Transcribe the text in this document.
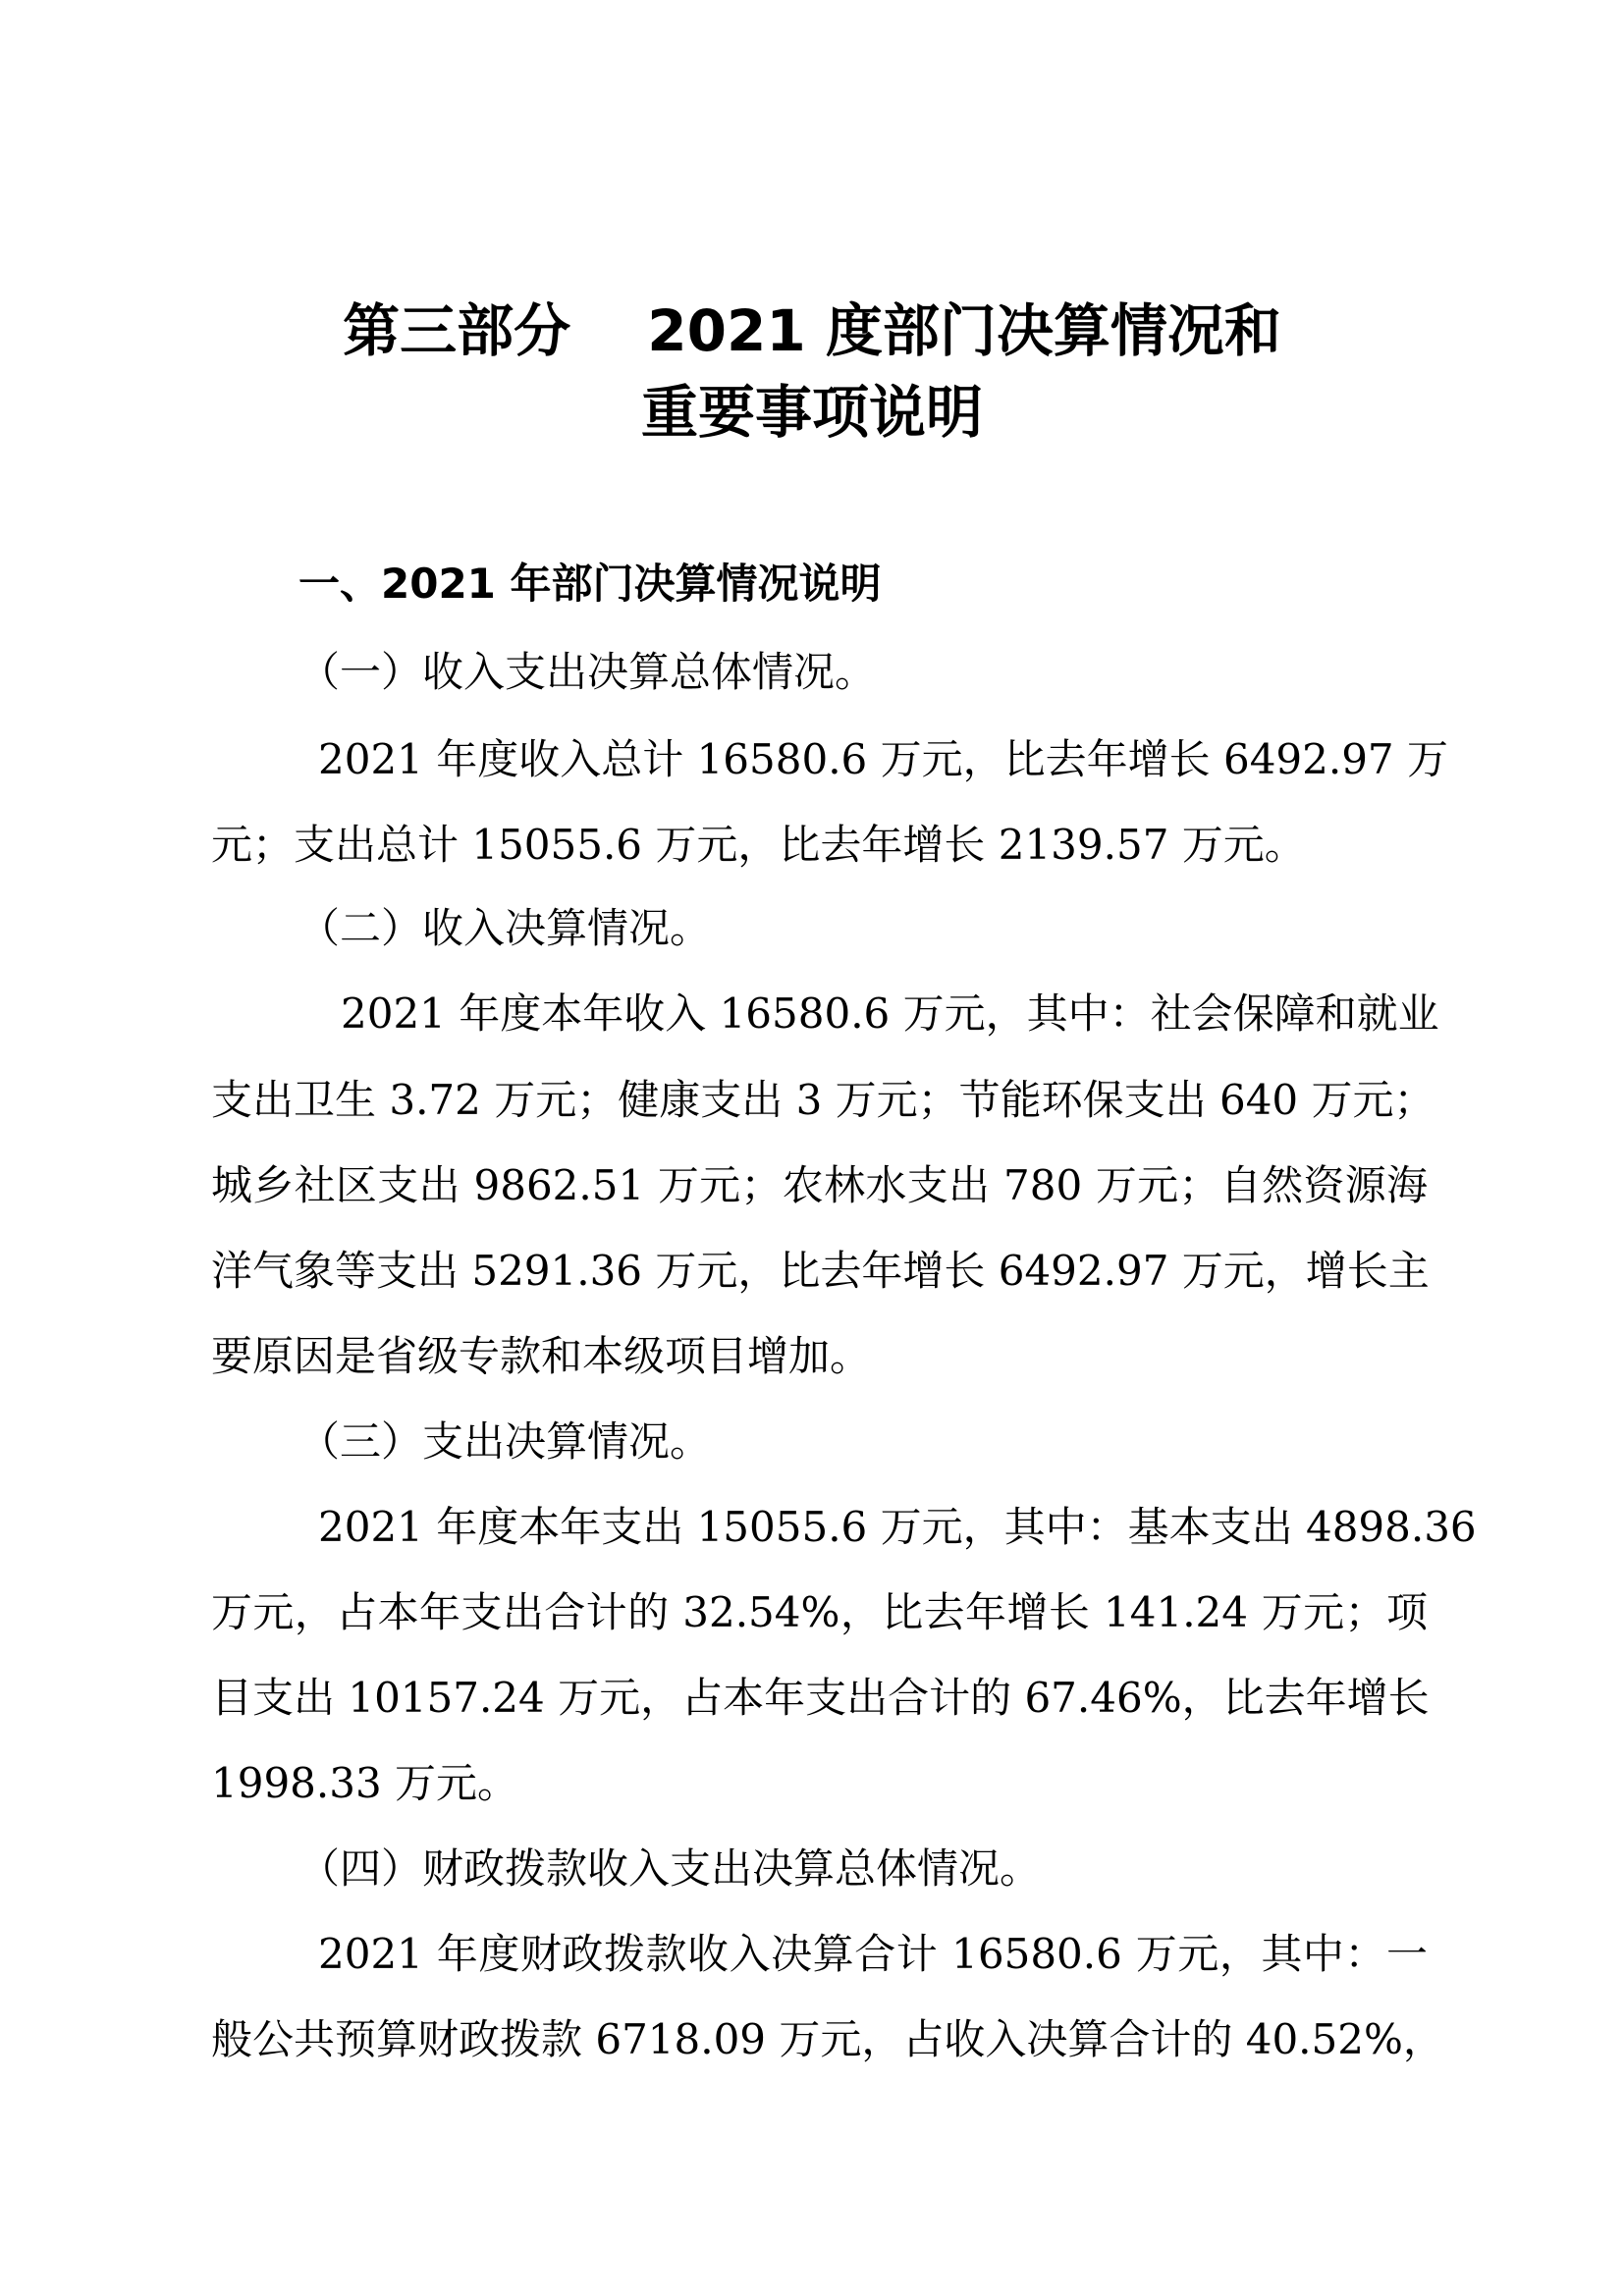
第三部分　 2021 度部门决算情况和
重要事项说明
一、2021 年部门决算情况说明
（一）收入支出决算总体情况。
2021 年度收入总计 16580.6 万元，比去年增长 6492.97 万
元；支出总计 15055.6 万元，比去年增长 2139.57 万元。
（二）收入决算情况。
2021 年度本年收入 16580.6 万元，其中：社会保障和就业
支出卫生 3.72 万元；健康支出 3 万元；节能环保支出 640 万元；
城乡社区支出 9862.51 万元；农林水支出 780 万元；自然资源海
洋气象等支出 5291.36 万元，比去年增长 6492.97 万元，增长主
要原因是省级专款和本级项目增加。
（三）支出决算情况。
2021 年度本年支出 15055.6 万元，其中：基本支出 4898.36
万元，占本年支出合计的 32.54%，比去年增长 141.24 万元；项
目支出 10157.24 万元，占本年支出合计的 67.46%，比去年增长
1998.33 万元。
（四）财政拨款收入支出决算总体情况。
2021 年度财政拨款收入决算合计 16580.6 万元，其中：一
般公共预算财政拨款 6718.09 万元，占收入决算合计的 40.52%，
